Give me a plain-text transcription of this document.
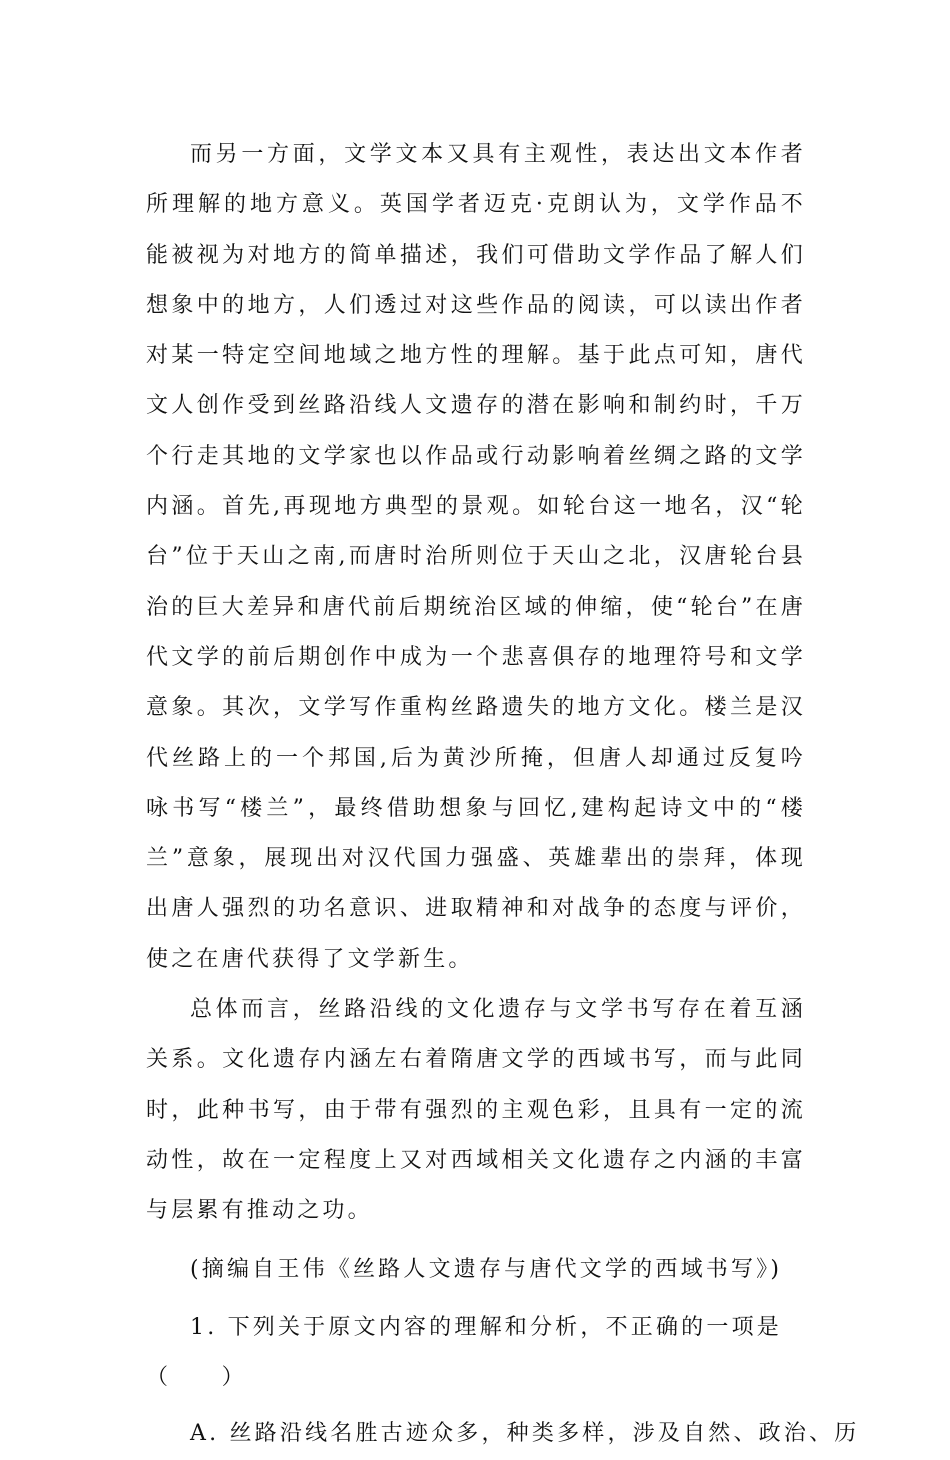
而另一方面，文学文本又具有主观性，表达出文本作者所理解的地方意义。英国学者迈克·克朗认为，文学作品不能被视为对地方的简单描述，我们可借助文学作品了解人们想象中的地方，人们透过对这些作品的阅读，可以读出作者对某一特定空间地域之地方性的理解。基于此点可知，唐代文人创作受到丝路沿线人文遗存的潜在影响和制约时，千万个行走其地的文学家也以作品或行动影响着丝绸之路的文学内涵。首先,再现地方典型的景观。如轮台这一地名，汉“轮台”位于天山之南,而唐时治所则位于天山之北，汉唐轮台县治的巨大差异和唐代前后期统治区域的伸缩，使“轮台”在唐代文学的前后期创作中成为一个悲喜俱存的地理符号和文学意象。其次，文学写作重构丝路遗失的地方文化。楼兰是汉代丝路上的一个邦国,后为黄沙所掩，但唐人却通过反复吟咏书写“楼兰”，最终借助想象与回忆,建构起诗文中的“楼兰”意象，展现出对汉代国力强盛、英雄辈出的崇拜，体现出唐人强烈的功名意识、进取精神和对战争的态度与评价，使之在唐代获得了文学新生。

总体而言，丝路沿线的文化遗存与文学书写存在着互涵关系。文化遗存内涵左右着隋唐文学的西域书写，而与此同时，此种书写，由于带有强烈的主观色彩，且具有一定的流动性，故在一定程度上又对西域相关文化遗存之内涵的丰富与层累有推动之功。

(摘编自王伟《丝路人文遗存与唐代文学的西域书写》)

1. 下列关于原文内容的理解和分析，不正确的一项是（　　）

A. 丝路沿线名胜古迹众多，种类多样，涉及自然、政治、历
